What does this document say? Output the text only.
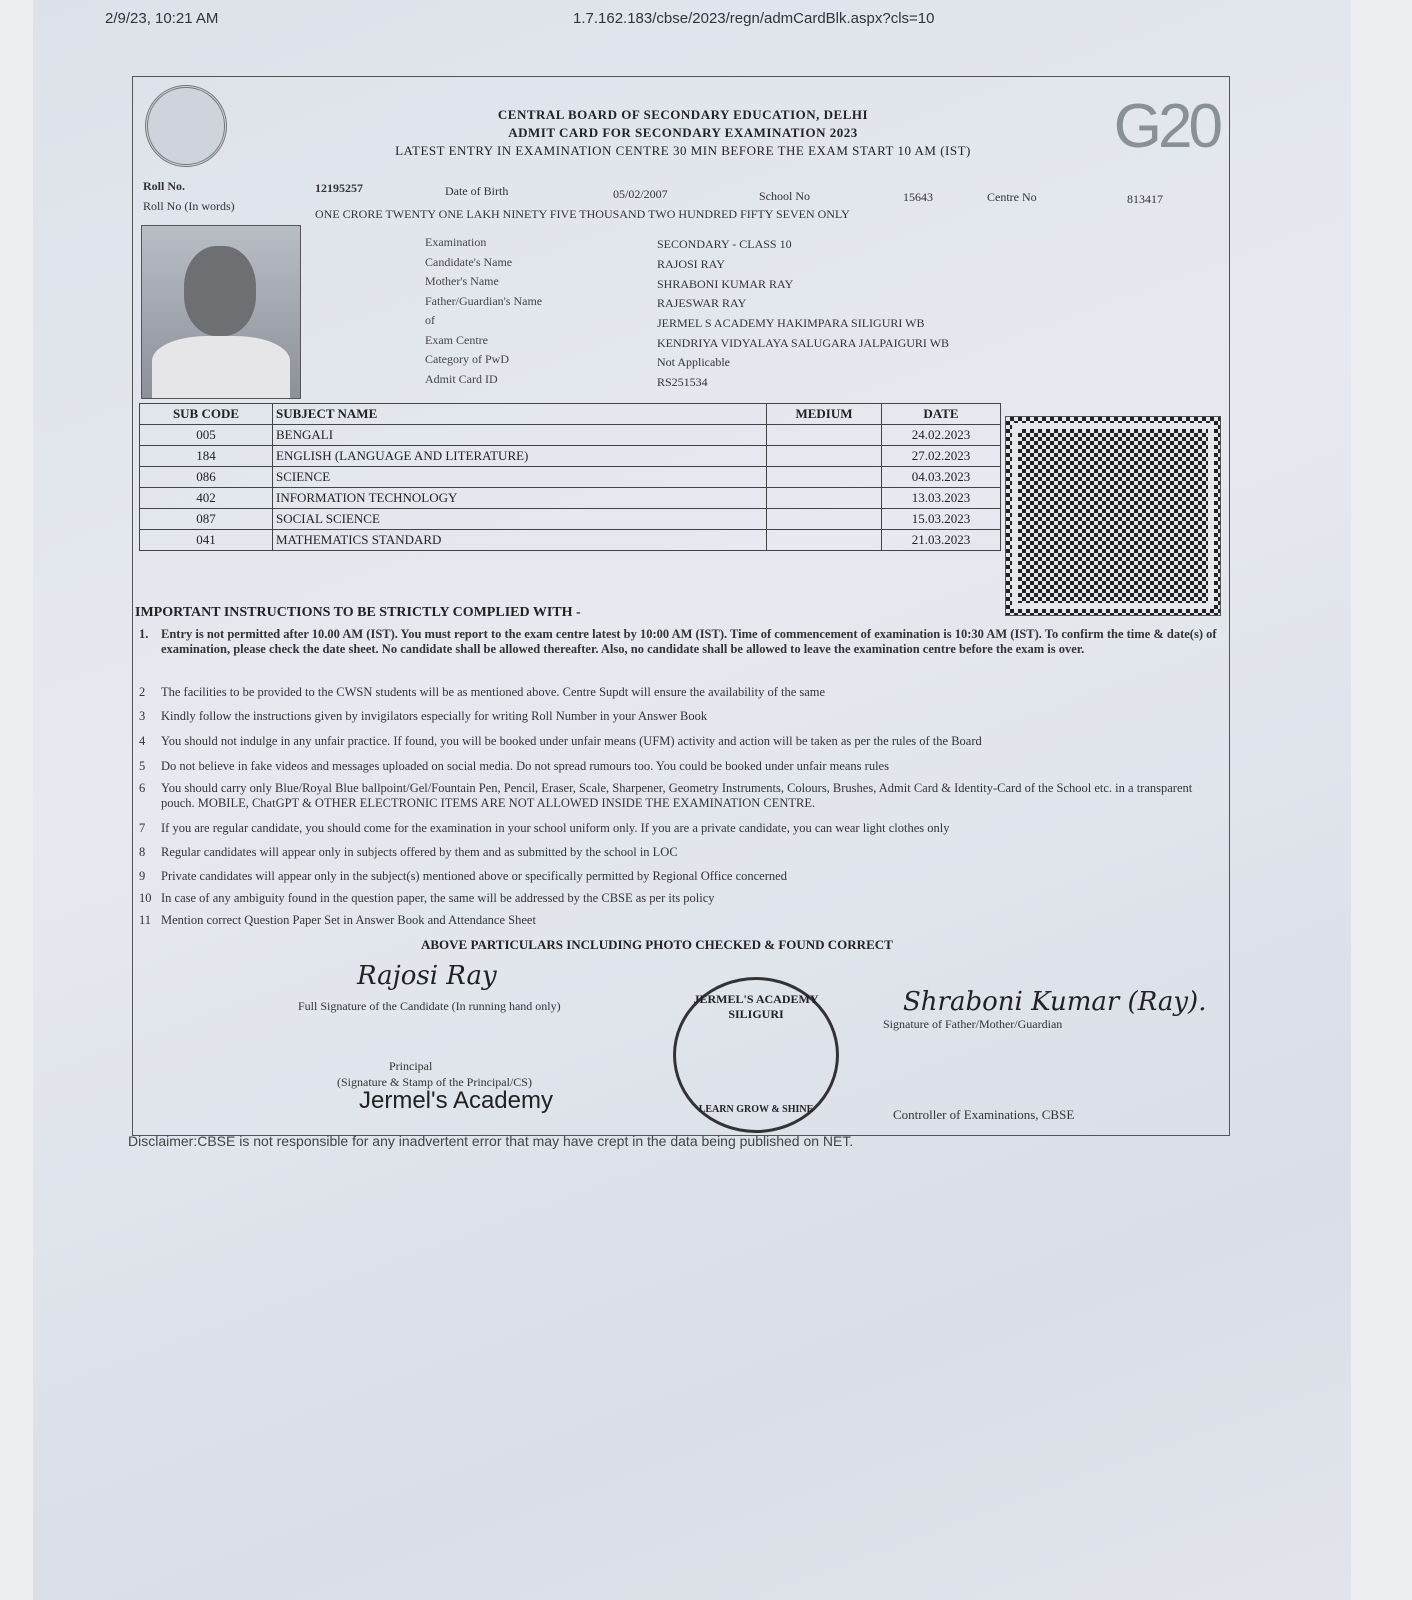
2/9/23, 10:21 AM	1.7.162.183/cbse/2023/regn/admCardBlk.aspx?cls=10
CENTRAL BOARD OF SECONDARY EDUCATION, DELHI
ADMIT CARD FOR SECONDARY EXAMINATION 2023
LATEST ENTRY IN EXAMINATION CENTRE 30 MIN BEFORE THE EXAM START 10 AM (IST)	G20
Roll No.	12195257	Date of Birth	05/02/2007	School No	15643	Centre No	813417
Roll No (In words)
ONE CRORE TWENTY ONE LAKH NINETY FIVE THOUSAND TWO HUNDRED FIFTY SEVEN ONLY
Examination	SECONDARY - CLASS 10
Candidate's Name	RAJOSI RAY
Mother's Name	SHRABONI KUMAR RAY
Father/Guardian's Name	RAJESWAR RAY
of	JERMEL S ACADEMY HAKIMPARA SILIGURI WB
Exam Centre	KENDRIYA VIDYALAYA SALUGARA JALPAIGURI WB
Category of PwD	Not Applicable
Admit Card ID	RS251534
SUB CODE	SUBJECT NAME	MEDIUM	DATE
005	BENGALI		24.02.2023
184	ENGLISH (LANGUAGE AND LITERATURE)		27.02.2023
086	SCIENCE		04.03.2023
402	INFORMATION TECHNOLOGY		13.03.2023
087	SOCIAL SCIENCE		15.03.2023
041	MATHEMATICS STANDARD		21.03.2023
IMPORTANT INSTRUCTIONS TO BE STRICTLY COMPLIED WITH -
1. Entry is not permitted after 10.00 AM (IST). You must report to the exam centre latest by 10:00 AM (IST). Time of commencement of examination is 10:30 AM (IST). To confirm the time & date(s) of examination, please check the date sheet. No candidate shall be allowed thereafter. Also, no candidate shall be allowed to leave the examination centre before the exam is over.
2 The facilities to be provided to the CWSN students will be as mentioned above. Centre Supdt will ensure the availability of the same
3 Kindly follow the instructions given by invigilators especially for writing Roll Number in your Answer Book
4 You should not indulge in any unfair practice. If found, you will be booked under unfair means (UFM) activity and action will be taken as per the rules of the Board
5 Do not believe in fake videos and messages uploaded on social media. Do not spread rumours too. You could be booked under unfair means rules
6 You should carry only Blue/Royal Blue ballpoint/Gel/Fountain Pen, Pencil, Eraser, Scale, Sharpener, Geometry Instruments, Colours, Brushes, Admit Card & Identity-Card of the School etc. in a transparent pouch. MOBILE, ChatGPT & OTHER ELECTRONIC ITEMS ARE NOT ALLOWED INSIDE THE EXAMINATION CENTRE.
7 If you are regular candidate, you should come for the examination in your school uniform only. If you are a private candidate, you can wear light clothes only
8 Regular candidates will appear only in subjects offered by them and as submitted by the school in LOC
9 Private candidates will appear only in the subject(s) mentioned above or specifically permitted by Regional Office concerned
10 In case of any ambiguity found in the question paper, the same will be addressed by the CBSE as per its policy
11 Mention correct Question Paper Set in Answer Book and Attendance Sheet
ABOVE PARTICULARS INCLUDING PHOTO CHECKED & FOUND CORRECT
Rajosi Ray
Full Signature of the Candidate (In running hand only)
Principal
(Signature & Stamp of the Principal/CS)
Jermel's Academy
JERMEL'S ACADEMY SILIGURI
LEARN GROW & SHINE
Shraboni Kumar (Ray).
Signature of Father/Mother/Guardian
Controller of Examinations, CBSE
Disclaimer:CBSE is not responsible for any inadvertent error that may have crept in the data being published on NET.
